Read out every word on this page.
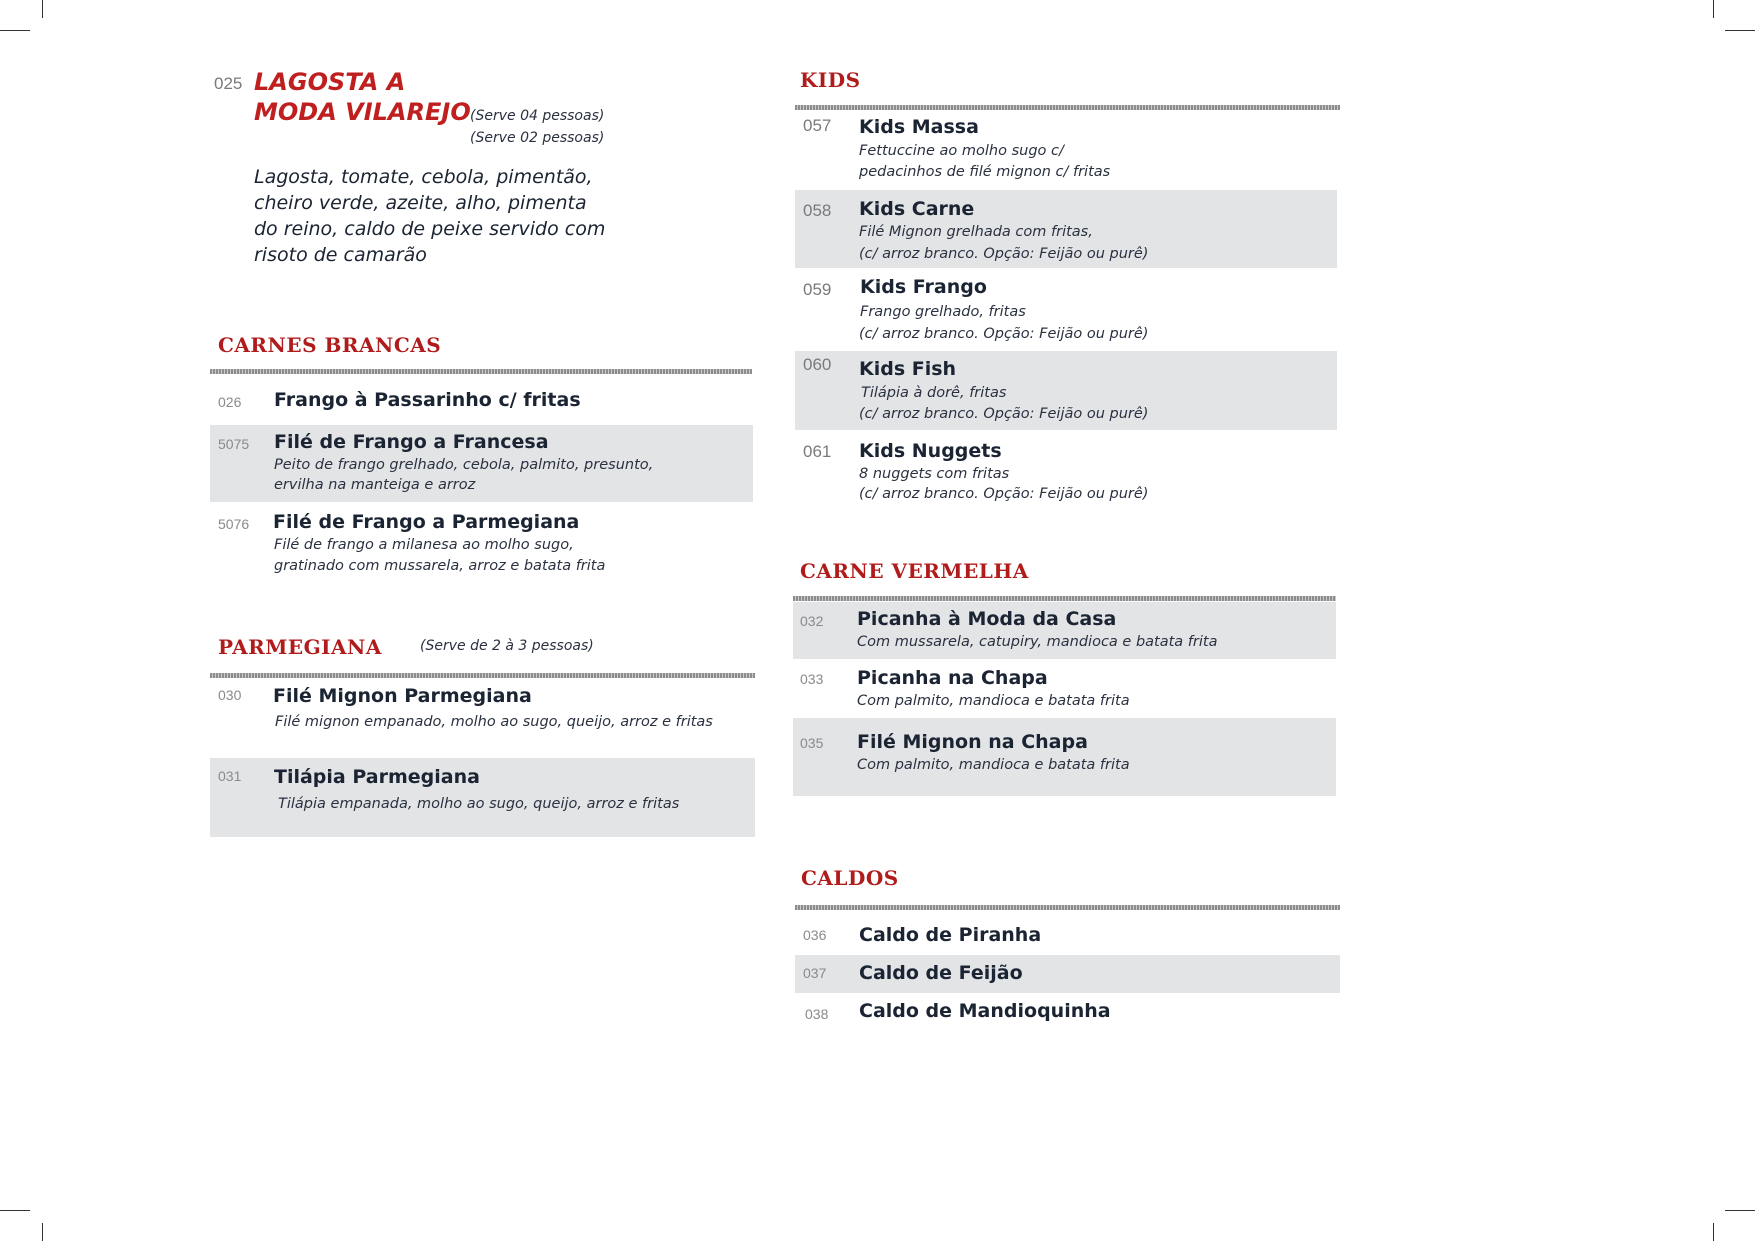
025 LAGOSTA A
MODA VILAREJO (Serve 04 pessoas)
(Serve 02 pessoas)
Lagosta, tomate, cebola, pimentão,
cheiro verde, azeite, alho, pimenta
do reino, caldo de peixe servido com
risoto de camarão
CARNES BRANCAS
026 Frango à Passarinho c/ fritas
5075 Filé de Frango a Francesa
Peito de frango grelhado, cebola, palmito, presunto,
ervilha na manteiga e arroz
5076 Filé de Frango a Parmegiana
Filé de frango a milanesa ao molho sugo,
gratinado com mussarela, arroz e batata frita
PARMEGIANA	(Serve de 2 à 3 pessoas)
030 Filé Mignon Parmegiana
Filé mignon empanado, molho ao sugo, queijo, arroz e fritas
031 Tilápia Parmegiana
Tilápia empanada, molho ao sugo, queijo, arroz e fritas
KIDS
057 Kids Massa
Fettuccine ao molho sugo c/
pedacinhos de filé mignon c/ fritas
058 Kids Carne
Filé Mignon grelhada com fritas,
(c/ arroz branco. Opção: Feijão ou purê)
059 Kids Frango
Frango grelhado, fritas
(c/ arroz branco. Opção: Feijão ou purê)
060 Kids Fish
Tilápia à dorê, fritas
(c/ arroz branco. Opção: Feijão ou purê)
061 Kids Nuggets
8 nuggets com fritas
(c/ arroz branco. Opção: Feijão ou purê)
CARNE VERMELHA
032 Picanha à Moda da Casa
Com mussarela, catupiry, mandioca e batata frita
033 Picanha na Chapa
Com palmito, mandioca e batata frita
035 Filé Mignon na Chapa
Com palmito, mandioca e batata frita
CALDOS
036 Caldo de Piranha
037 Caldo de Feijão
038 Caldo de Mandioquinha
